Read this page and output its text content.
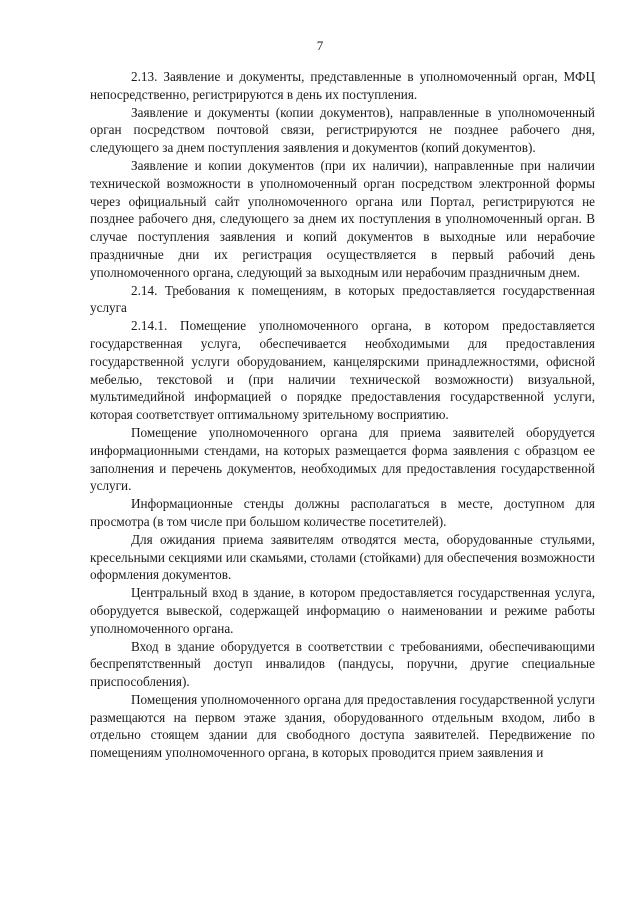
7

2.13. Заявление и документы, представленные в уполномоченный орган, МФЦ непосредственно, регистрируются в день их поступления.

Заявление и документы (копии документов), направленные в уполномоченный орган посредством почтовой связи, регистрируются не позднее рабочего дня, следующего за днем поступления заявления и документов (копий документов).

Заявление и копии документов (при их наличии), направленные при наличии технической возможности в уполномоченный орган посредством электронной формы через официальный сайт уполномоченного органа или Портал, регистрируются не позднее рабочего дня, следующего за днем их поступления в уполномоченный орган. В случае поступления заявления и копий документов в выходные или нерабочие праздничные дни их регистрация осуществляется в первый рабочий день уполномоченного органа, следующий за выходным или нерабочим праздничным днем.

2.14. Требования к помещениям, в которых предоставляется государственная услуга

2.14.1. Помещение уполномоченного органа, в котором предоставляется государственная услуга, обеспечивается необходимыми для предоставления государственной услуги оборудованием, канцелярскими принадлежностями, офисной мебелью, текстовой и (при наличии технической возможности) визуальной, мультимедийной информацией о порядке предоставления государственной услуги, которая соответствует оптимальному зрительному восприятию.

Помещение уполномоченного органа для приема заявителей оборудуется информационными стендами, на которых размещается форма заявления с образцом ее заполнения и перечень документов, необходимых для предоставления государственной услуги.

Информационные стенды должны располагаться в месте, доступном для просмотра (в том числе при большом количестве посетителей).

Для ожидания приема заявителям отводятся места, оборудованные стульями, кресельными секциями или скамьями, столами (стойками) для обеспечения возможности оформления документов.

Центральный вход в здание, в котором предоставляется государственная услуга, оборудуется вывеской, содержащей информацию о наименовании и режиме работы уполномоченного органа.

Вход в здание оборудуется в соответствии с требованиями, обеспечивающими беспрепятственный доступ инвалидов (пандусы, поручни, другие специальные приспособления).

Помещения уполномоченного органа для предоставления государственной услуги размещаются на первом этаже здания, оборудованного отдельным входом, либо в отдельно стоящем здании для свободного доступа заявителей. Передвижение по помещениям уполномоченного органа, в которых проводится прием заявления и
